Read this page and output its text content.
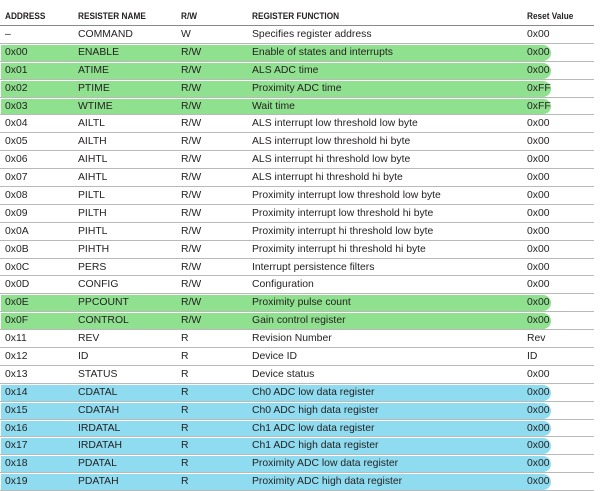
ADDRESS	RESISTER NAME	R/W	REGISTER FUNCTION	Reset Value
–	COMMAND	W	Specifies register address	0x00
0x00	ENABLE	R/W	Enable of states and interrupts	0x00
0x01	ATIME	R/W	ALS ADC time	0x00
0x02	PTIME	R/W	Proximity ADC time	0xFF
0x03	WTIME	R/W	Wait time	0xFF
0x04	AILTL	R/W	ALS interrupt low threshold low byte	0x00
0x05	AILTH	R/W	ALS interrupt low threshold hi byte	0x00
0x06	AIHTL	R/W	ALS interrupt hi threshold low byte	0x00
0x07	AIHTL	R/W	ALS interrupt hi threshold hi byte	0x00
0x08	PILTL	R/W	Proximity interrupt low threshold low byte	0x00
0x09	PILTH	R/W	Proximity interrupt low threshold hi byte	0x00
0x0A	PIHTL	R/W	Proximity interrupt hi threshold low byte	0x00
0x0B	PIHTH	R/W	Proximity interrupt hi threshold hi byte	0x00
0x0C	PERS	R/W	Interrupt persistence filters	0x00
0x0D	CONFIG	R/W	Configuration	0x00
0x0E	PPCOUNT	R/W	Proximity pulse count	0x00
0x0F	CONTROL	R/W	Gain control register	0x00
0x11	REV	R	Revision Number	Rev
0x12	ID	R	Device ID	ID
0x13	STATUS	R	Device status	0x00
0x14	CDATAL	R	Ch0 ADC low data register	0x00
0x15	CDATAH	R	Ch0 ADC high data register	0x00
0x16	IRDATAL	R	Ch1 ADC low data register	0x00
0x17	IRDATAH	R	Ch1 ADC high data register	0x00
0x18	PDATAL	R	Proximity ADC low data register	0x00
0x19	PDATAH	R	Proximity ADC high data register	0x00
